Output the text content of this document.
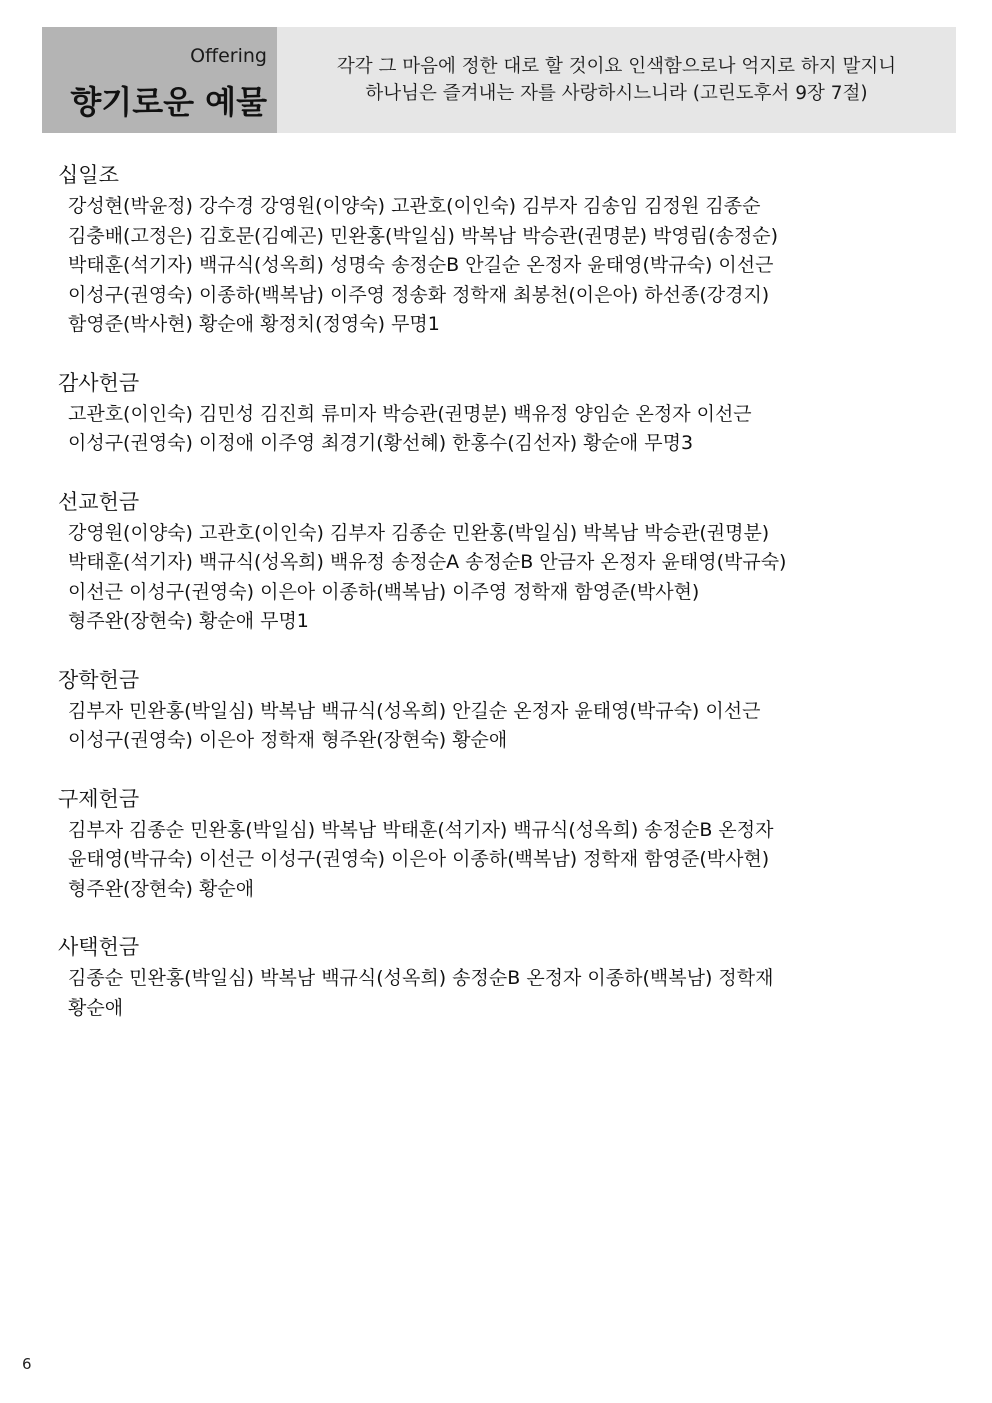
Offering
향기로운 예물
각각 그 마음에 정한 대로 할 것이요 인색함으로나 억지로 하지 말지니
하나님은 즐겨내는 자를 사랑하시느니라 (고린도후서 9장 7절)
십일조
강성현(박윤정) 강수경 강영원(이양숙) 고관호(이인숙) 김부자 김송임 김정원 김종순
김충배(고정은) 김호문(김예곤) 민완홍(박일심) 박복남 박승관(권명분) 박영림(송정순)
박태훈(석기자) 백규식(성옥희) 성명숙 송정순B 안길순 온정자 윤태영(박규숙) 이선근
이성구(권영숙) 이종하(백복남) 이주영 정송화 정학재 최봉천(이은아) 하선종(강경지)
함영준(박사현) 황순애 황정치(정영숙) 무명1
감사헌금
고관호(이인숙) 김민성 김진희 류미자 박승관(권명분) 백유정 양임순 온정자 이선근
이성구(권영숙) 이정애 이주영 최경기(황선혜) 한홍수(김선자) 황순애 무명3
선교헌금
강영원(이양숙) 고관호(이인숙) 김부자 김종순 민완홍(박일심) 박복남 박승관(권명분)
박태훈(석기자) 백규식(성옥희) 백유정 송정순A 송정순B 안금자 온정자 윤태영(박규숙)
이선근 이성구(권영숙) 이은아 이종하(백복남) 이주영 정학재 함영준(박사현)
형주완(장현숙) 황순애 무명1
장학헌금
김부자 민완홍(박일심) 박복남 백규식(성옥희) 안길순 온정자 윤태영(박규숙) 이선근
이성구(권영숙) 이은아 정학재 형주완(장현숙) 황순애
구제헌금
김부자 김종순 민완홍(박일심) 박복남 박태훈(석기자) 백규식(성옥희) 송정순B 온정자
윤태영(박규숙) 이선근 이성구(권영숙) 이은아 이종하(백복남) 정학재 함영준(박사현)
형주완(장현숙) 황순애
사택헌금
김종순 민완홍(박일심) 박복남 백규식(성옥희) 송정순B 온정자 이종하(백복남) 정학재
황순애
6
